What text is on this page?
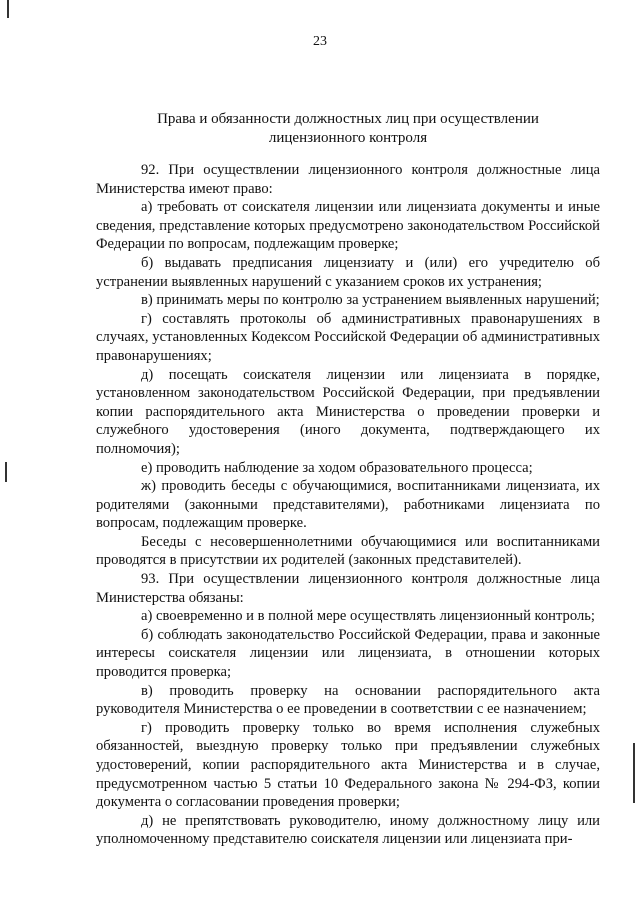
23
Права и обязанности должностных лиц при осуществлении
лицензионного контроля

92. При осуществлении лицензионного контроля должностные лица Министерства имеют право:

а) требовать от соискателя лицензии или лицензиата документы и иные сведения, представление которых предусмотрено законодательством Российской Федерации по вопросам, подлежащим проверке;

б) выдавать предписания лицензиату и (или) его учредителю об устранении выявленных нарушений с указанием сроков их устранения;

в) принимать меры по контролю за устранением выявленных нарушений;

г) составлять протоколы об административных правонарушениях в случаях, установленных Кодексом Российской Федерации об административных правонарушениях;

д) посещать соискателя лицензии или лицензиата в порядке, установленном законодательством Российской Федерации, при предъявлении копии распорядительного акта Министерства о проведении проверки и служебного удостоверения (иного документа, подтверждающего их полномочия);

е) проводить наблюдение за ходом образовательного процесса;

ж) проводить беседы с обучающимися, воспитанниками лицензиата, их родителями (законными представителями), работниками лицензиата по вопросам, подлежащим проверке.

Беседы с несовершеннолетними обучающимися или воспитанниками проводятся в присутствии их родителей (законных представителей).

93. При осуществлении лицензионного контроля должностные лица Министерства обязаны:

а) своевременно и в полной мере осуществлять лицензионный контроль;

б) соблюдать законодательство Российской Федерации, права и законные интересы соискателя лицензии или лицензиата, в отношении которых проводится проверка;

в) проводить проверку на основании распорядительного акта руководителя Министерства о ее проведении в соответствии с ее назначением;

г) проводить проверку только во время исполнения служебных обязанностей, выездную проверку только при предъявлении служебных удостоверений, копии распорядительного акта Министерства и в случае, предусмотренном частью 5 статьи 10 Федерального закона № 294-ФЗ, копии документа о согласовании проведения проверки;

д) не препятствовать руководителю, иному должностному лицу или уполномоченному представителю соискателя лицензии или лицензиата при-
